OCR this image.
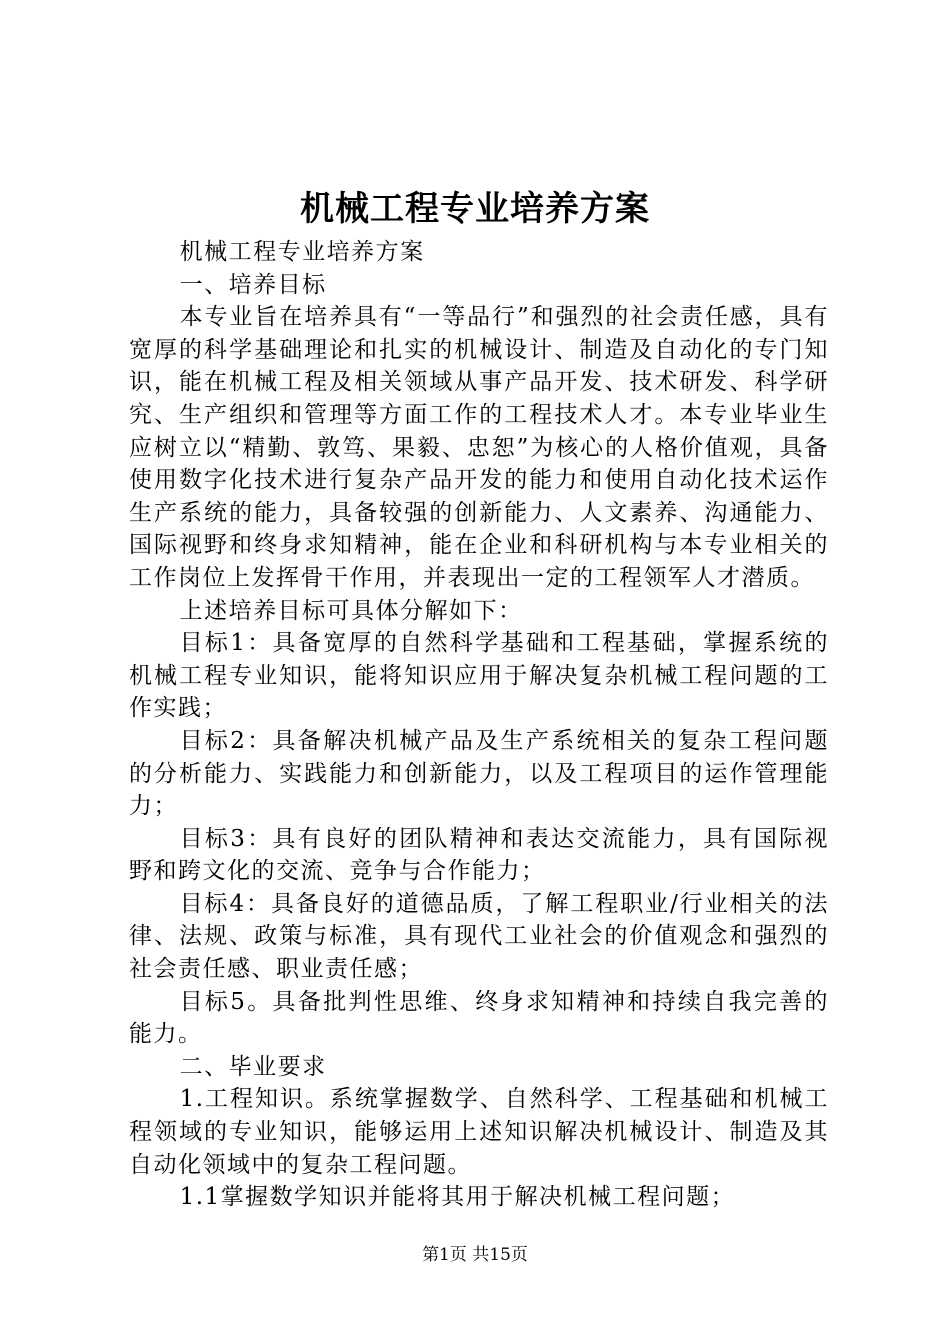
机械工程专业培养方案

机械工程专业培养方案

一、培养目标

本专业旨在培养具有“一等品行”和强烈的社会责任感，具有宽厚的科学基础理论和扎实的机械设计、制造及自动化的专门知识，能在机械工程及相关领域从事产品开发、技术研发、科学研究、生产组织和管理等方面工作的工程技术人才。本专业毕业生应树立以“精勤、敦笃、果毅、忠恕”为核心的人格价值观，具备使用数字化技术进行复杂产品开发的能力和使用自动化技术运作生产系统的能力，具备较强的创新能力、人文素养、沟通能力、国际视野和终身求知精神，能在企业和科研机构与本专业相关的工作岗位上发挥骨干作用，并表现出一定的工程领军人才潜质。

上述培养目标可具体分解如下：

目标1：具备宽厚的自然科学基础和工程基础，掌握系统的机械工程专业知识，能将知识应用于解决复杂机械工程问题的工作实践；

目标2：具备解决机械产品及生产系统相关的复杂工程问题的分析能力、实践能力和创新能力，以及工程项目的运作管理能力；

目标3：具有良好的团队精神和表达交流能力，具有国际视野和跨文化的交流、竞争与合作能力；

目标4：具备良好的道德品质，了解工程职业/行业相关的法律、法规、政策与标准，具有现代工业社会的价值观念和强烈的社会责任感、职业责任感；

目标5。具备批判性思维、终身求知精神和持续自我完善的能力。

二、毕业要求

1.工程知识。系统掌握数学、自然科学、工程基础和机械工程领域的专业知识，能够运用上述知识解决机械设计、制造及其自动化领域中的复杂工程问题。

1.1掌握数学知识并能将其用于解决机械工程问题；

第1页 共15页
